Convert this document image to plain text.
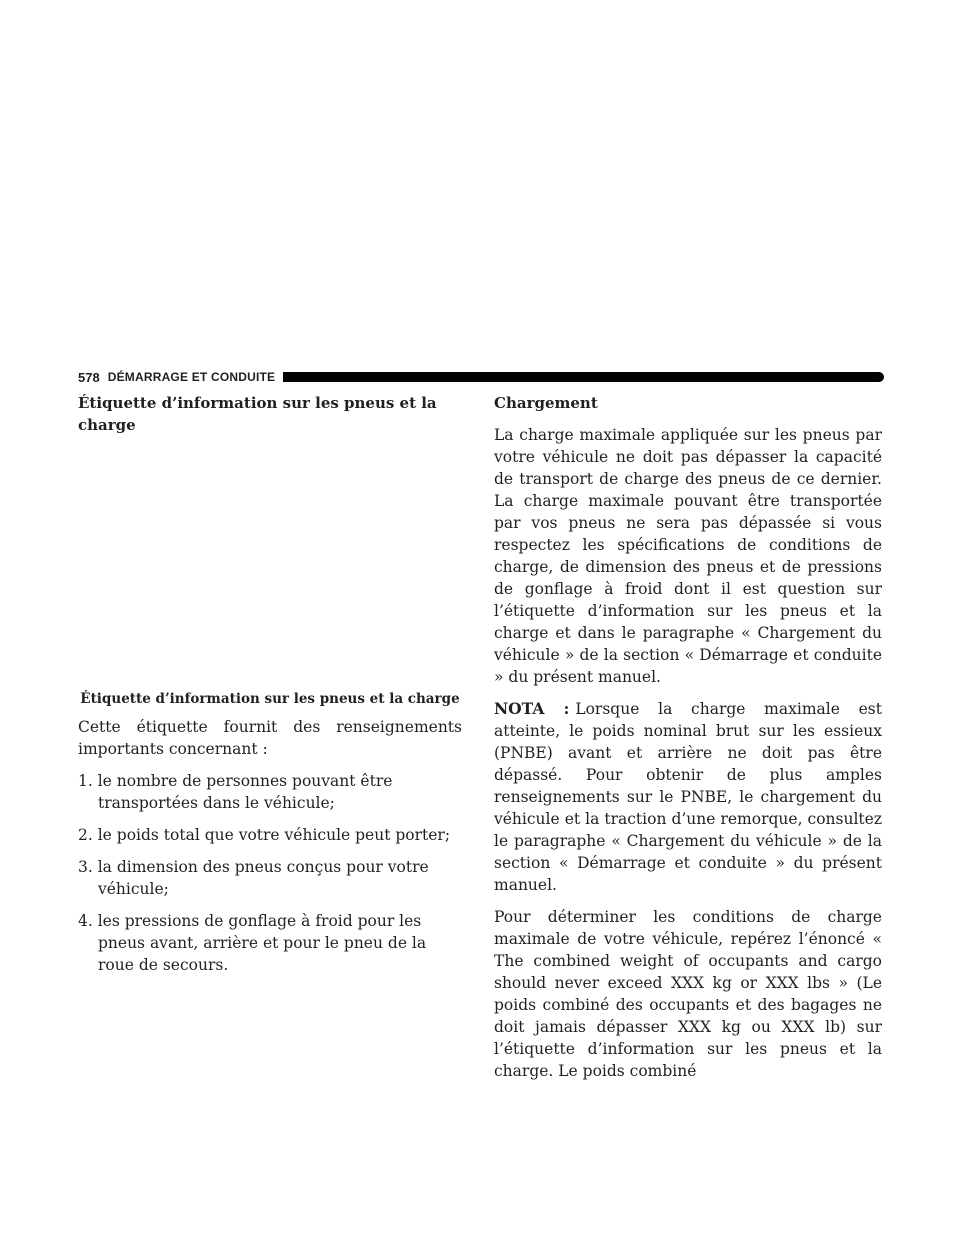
578 DÉMARRAGE ET CONDUITE
Étiquette d’information sur les pneus et la charge
Étiquette d’information sur les pneus et la charge

Cette étiquette fournit des renseignements importants concernant :

1. le nombre de personnes pouvant être transportées dans le véhicule;
2. le poids total que votre véhicule peut porter;
3. la dimension des pneus conçus pour votre véhicule;
4. les pressions de gonflage à froid pour les pneus avant, arrière et pour le pneu de la roue de secours.
Chargement

La charge maximale appliquée sur les pneus par votre véhicule ne doit pas dépasser la capacité de transport de charge des pneus de ce dernier. La charge maximale pouvant être transportée par vos pneus ne sera pas dépassée si vous respectez les spécifications de conditions de charge, de dimension des pneus et de pressions de gonflage à froid dont il est question sur l’étiquette d’information sur les pneus et la charge et dans le paragraphe « Chargement du véhicule » de la section « Démarrage et conduite » du présent manuel.

NOTA : Lorsque la charge maximale est atteinte, le poids nominal brut sur les essieux (PNBE) avant et arrière ne doit pas être dépassé. Pour obtenir de plus amples renseignements sur le PNBE, le chargement du véhicule et la traction d’une remorque, consultez le paragraphe « Chargement du véhicule » de la section « Démarrage et conduite » du présent manuel.

Pour déterminer les conditions de charge maximale de votre véhicule, repérez l’énoncé « The combined weight of occupants and cargo should never exceed XXX kg or XXX lbs » (Le poids combiné des occupants et des bagages ne doit jamais dépasser XXX kg ou XXX lb) sur l’étiquette d’information sur les pneus et la charge. Le poids combiné
